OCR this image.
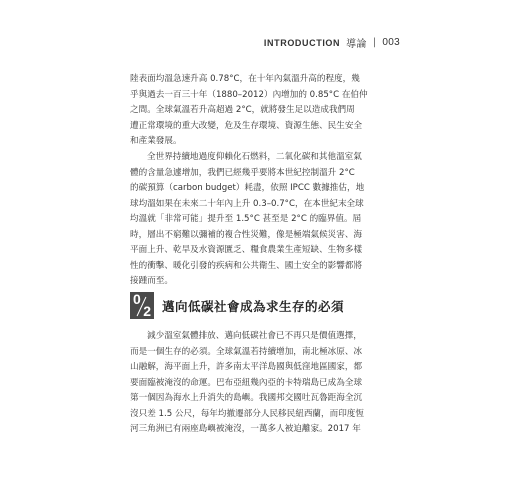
INTRODUCTION 導論 | 003
陸表面均溫急速升高 0.78°C，在十年內氣溫升高的程度，幾
乎與過去一百三十年（1880–2012）內增加的 0.85°C 在伯仲
之間。全球氣溫若升高超過 2°C，就將發生足以造成我們周
遭正常環境的重大改變，危及生存環境、資源生態、民生安全
和產業發展。
全世界持續地過度仰賴化石燃料，二氧化碳和其他溫室氣
體的含量急遽增加，我們已經幾乎要將本世紀控制溫升 2°C
的碳預算（carbon budget）耗盡，依照 IPCC 數據推估，地
球均溫如果在未來二十年內上升 0.3–0.7°C，在本世紀末全球
均溫就「非常可能」提升至 1.5°C 甚至是 2°C 的臨界值。屆
時，層出不窮難以彌補的複合性災難，像是極端氣候災害、海
平面上升、乾旱及水資源匱乏、糧食農業生產短缺、生物多樣
性的衝擊、暖化引發的疾病和公共衛生、國土安全的影響都將
接踵而至。
0
2 邁向低碳社會成為求生存的必須
減少溫室氣體排放、邁向低碳社會已不再只是價值選擇，
而是一個生存的必須。全球氣溫若持續增加，南北極冰原、冰
山融解，海平面上升，許多南太平洋島國與低窪地區國家，都
要面臨被淹沒的命運。巴布亞紐幾內亞的卡特瑞島已成為全球
第一個因為海水上升消失的島嶼。我國邦交國吐瓦魯距海全沉
沒只差 1.5 公尺，每年均撤遷部分人民移民紐西蘭，而印度恆
河三角洲已有兩座島嶼被淹沒，一萬多人被迫離家。2017 年
